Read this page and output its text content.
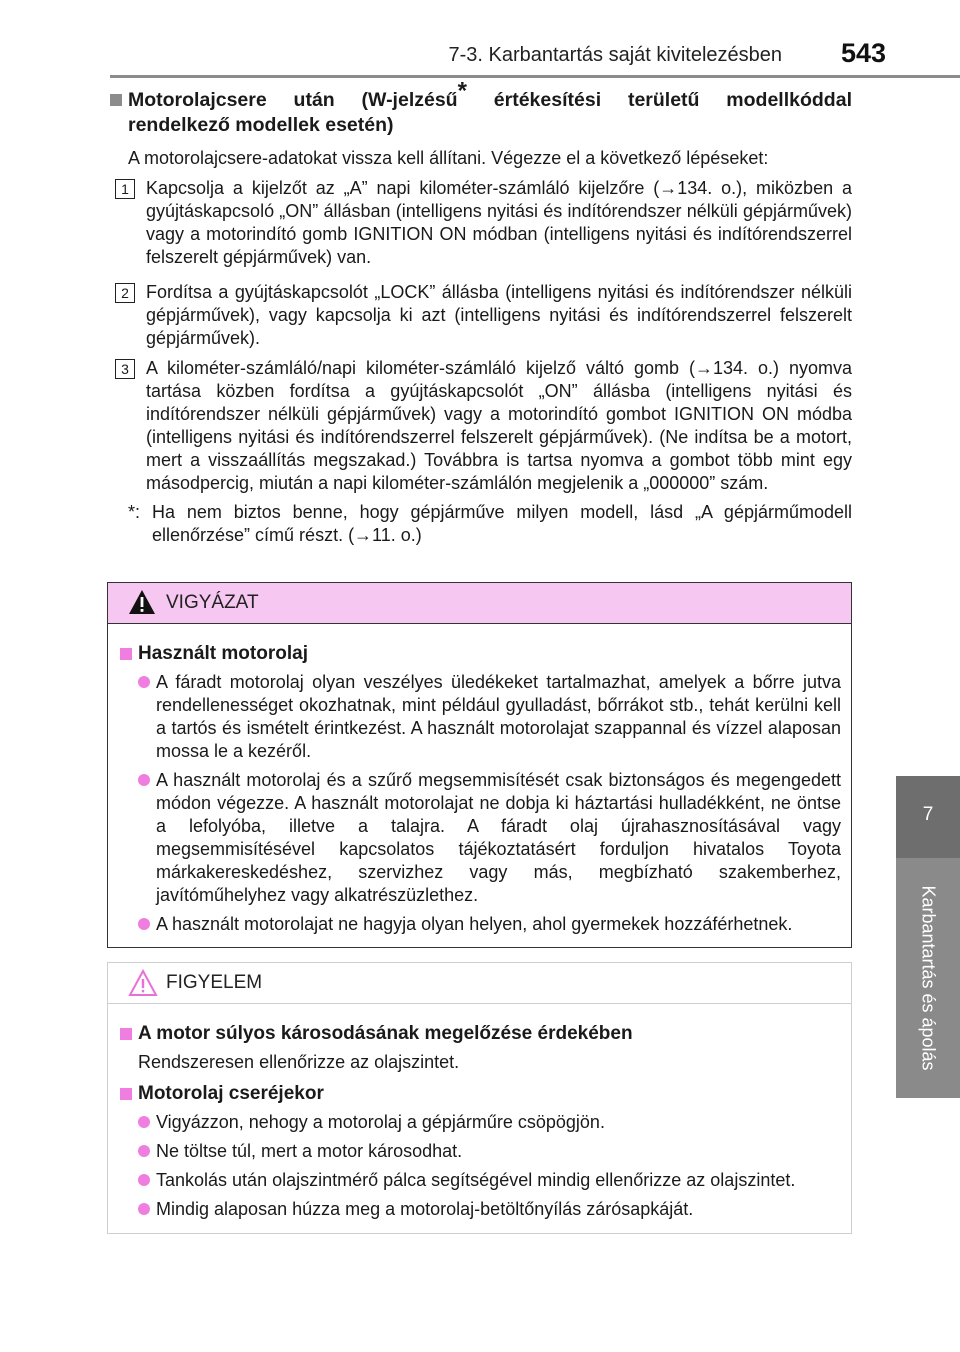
7-3. Karbantartás saját kivitelezésben 543
7
Karbantartás és ápolás
Motorolajcsere után (W-jelzésű* értékesítési területű modellkóddal rendelkező modellek esetén)
A motorolajcsere-adatokat vissza kell állítani. Végezze el a következő lépéseket:
1 Kapcsolja a kijelzőt az „A” napi kilométer-számláló kijelzőre (→134. o.), miközben a gyújtáskapcsoló „ON” állásban (intelligens nyitási és indítórendszer nélküli gépjárművek) vagy a motorindító gomb IGNITION ON módban (intelligens nyitási és indítórendszerrel felszerelt gépjárművek) van.
2 Fordítsa a gyújtáskapcsolót „LOCK” állásba (intelligens nyitási és indítórendszer nélküli gépjárművek), vagy kapcsolja ki azt (intelligens nyitási és indítórendszerrel felszerelt gépjárművek).
3 A kilométer-számláló/napi kilométer-számláló kijelző váltó gomb (→134. o.) nyomva tartása közben fordítsa a gyújtáskapcsolót „ON” állásba (intelligens nyitási és indítórendszer nélküli gépjárművek) vagy a motorindító gombot IGNITION ON módba (intelligens nyitási és indítórendszerrel felszerelt gépjárművek). (Ne indítsa be a motort, mert a visszaállítás megszakad.) Továbbra is tartsa nyomva a gombot több mint egy másodpercig, miután a napi kilométer-számlálón megjelenik a „000000” szám.
*: Ha nem biztos benne, hogy gépjárműve milyen modell, lásd „A gépjárműmodell ellenőrzése” című részt. (→11. o.)
VIGYÁZAT
Használt motorolaj
A fáradt motorolaj olyan veszélyes üledékeket tartalmazhat, amelyek a bőrre jutva rendellenességet okozhatnak, mint például gyulladást, bőrrákot stb., tehát kerülni kell a tartós és ismételt érintkezést. A használt motorolajat szappannal és vízzel alaposan mossa le a kezéről.
A használt motorolaj és a szűrő megsemmisítését csak biztonságos és megengedett módon végezze. A használt motorolajat ne dobja ki háztartási hulladékként, ne öntse a lefolyóba, illetve a talajra. A fáradt olaj újrahasznosításával vagy megsemmisítésével kapcsolatos tájékoztatásért forduljon hivatalos Toyota márkakereskedéshez, szervizhez vagy más, megbízható szakemberhez, javítóműhelyhez vagy alkatrészüzlethez.
A használt motorolajat ne hagyja olyan helyen, ahol gyermekek hozzáférhetnek.
FIGYELEM
A motor súlyos károsodásának megelőzése érdekében
Rendszeresen ellenőrizze az olajszintet.
Motorolaj cseréjekor
Vigyázzon, nehogy a motorolaj a gépjárműre csöpögjön.
Ne töltse túl, mert a motor károsodhat.
Tankolás után olajszintmérő pálca segítségével mindig ellenőrizze az olajszintet.
Mindig alaposan húzza meg a motorolaj-betöltőnyílás zárósapkáját.
